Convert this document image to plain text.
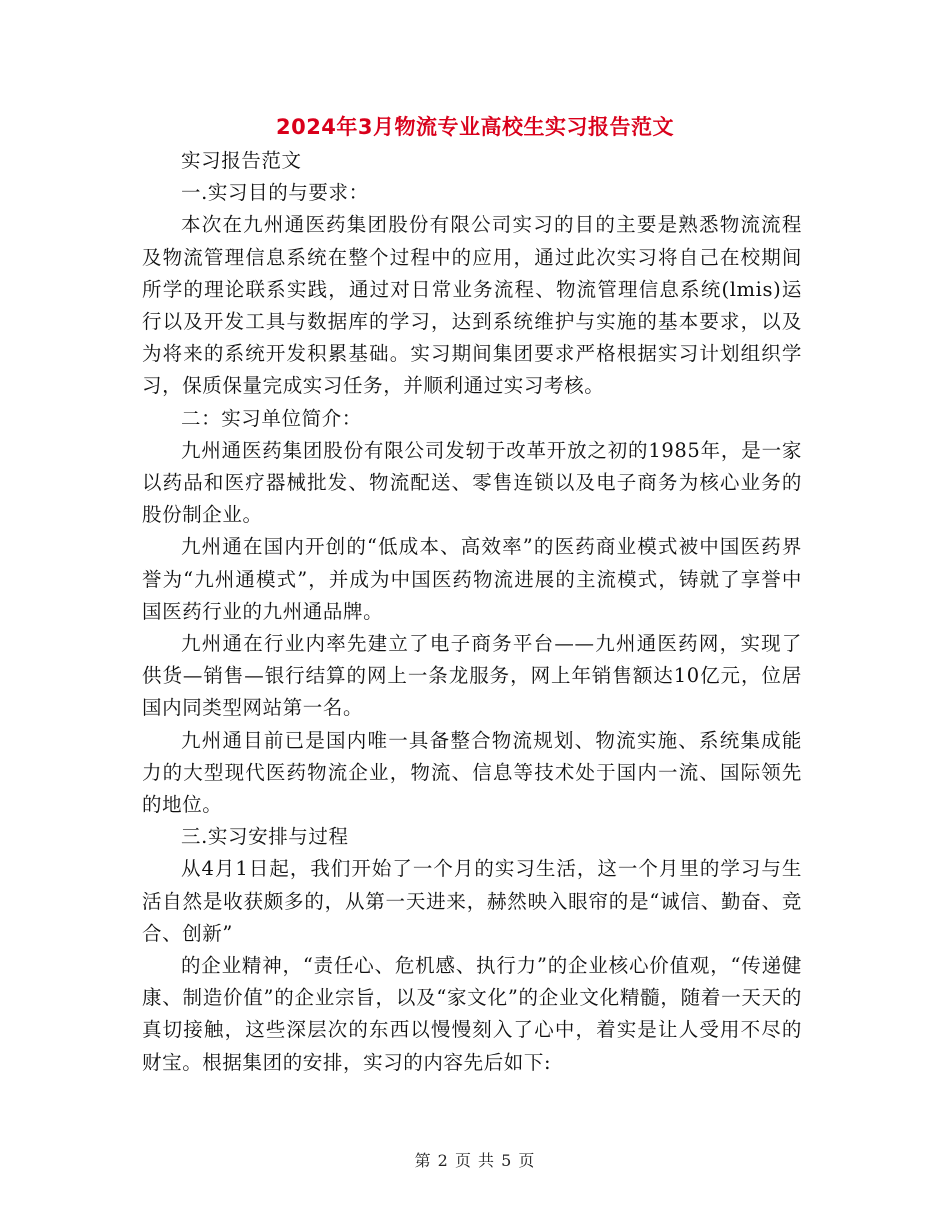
2024年3月物流专业高校生实习报告范文

实习报告范文

一.实习目的与要求：

本次在九州通医药集团股份有限公司实习的目的主要是熟悉物流流程及物流管理信息系统在整个过程中的应用，通过此次实习将自己在校期间所学的理论联系实践，通过对日常业务流程、物流管理信息系统(lmis)运行以及开发工具与数据库的学习，达到系统维护与实施的基本要求，以及为将来的系统开发积累基础。实习期间集团要求严格根据实习计划组织学习，保质保量完成实习任务，并顺利通过实习考核。

二：实习单位简介：

九州通医药集团股份有限公司发轫于改革开放之初的1985年，是一家以药品和医疗器械批发、物流配送、零售连锁以及电子商务为核心业务的股份制企业。

九州通在国内开创的“低成本、高效率”的医药商业模式被中国医药界誉为“九州通模式”，并成为中国医药物流进展的主流模式，铸就了享誉中国医药行业的九州通品牌。

九州通在行业内率先建立了电子商务平台——九州通医药网，实现了供货—销售—银行结算的网上一条龙服务，网上年销售额达10亿元，位居国内同类型网站第一名。

九州通目前已是国内唯一具备整合物流规划、物流实施、系统集成能力的大型现代医药物流企业，物流、信息等技术处于国内一流、国际领先的地位。

三.实习安排与过程

从4月1日起，我们开始了一个月的实习生活，这一个月里的学习与生活自然是收获颇多的，从第一天进来，赫然映入眼帘的是“诚信、勤奋、竞合、创新”

的企业精神，“责任心、危机感、执行力”的企业核心价值观，“传递健康、制造价值”的企业宗旨，以及“家文化”的企业文化精髓，随着一天天的真切接触，这些深层次的东西以慢慢刻入了心中，着实是让人受用不尽的财宝。根据集团的安排，实习的内容先后如下:

第 2 页 共 5 页
